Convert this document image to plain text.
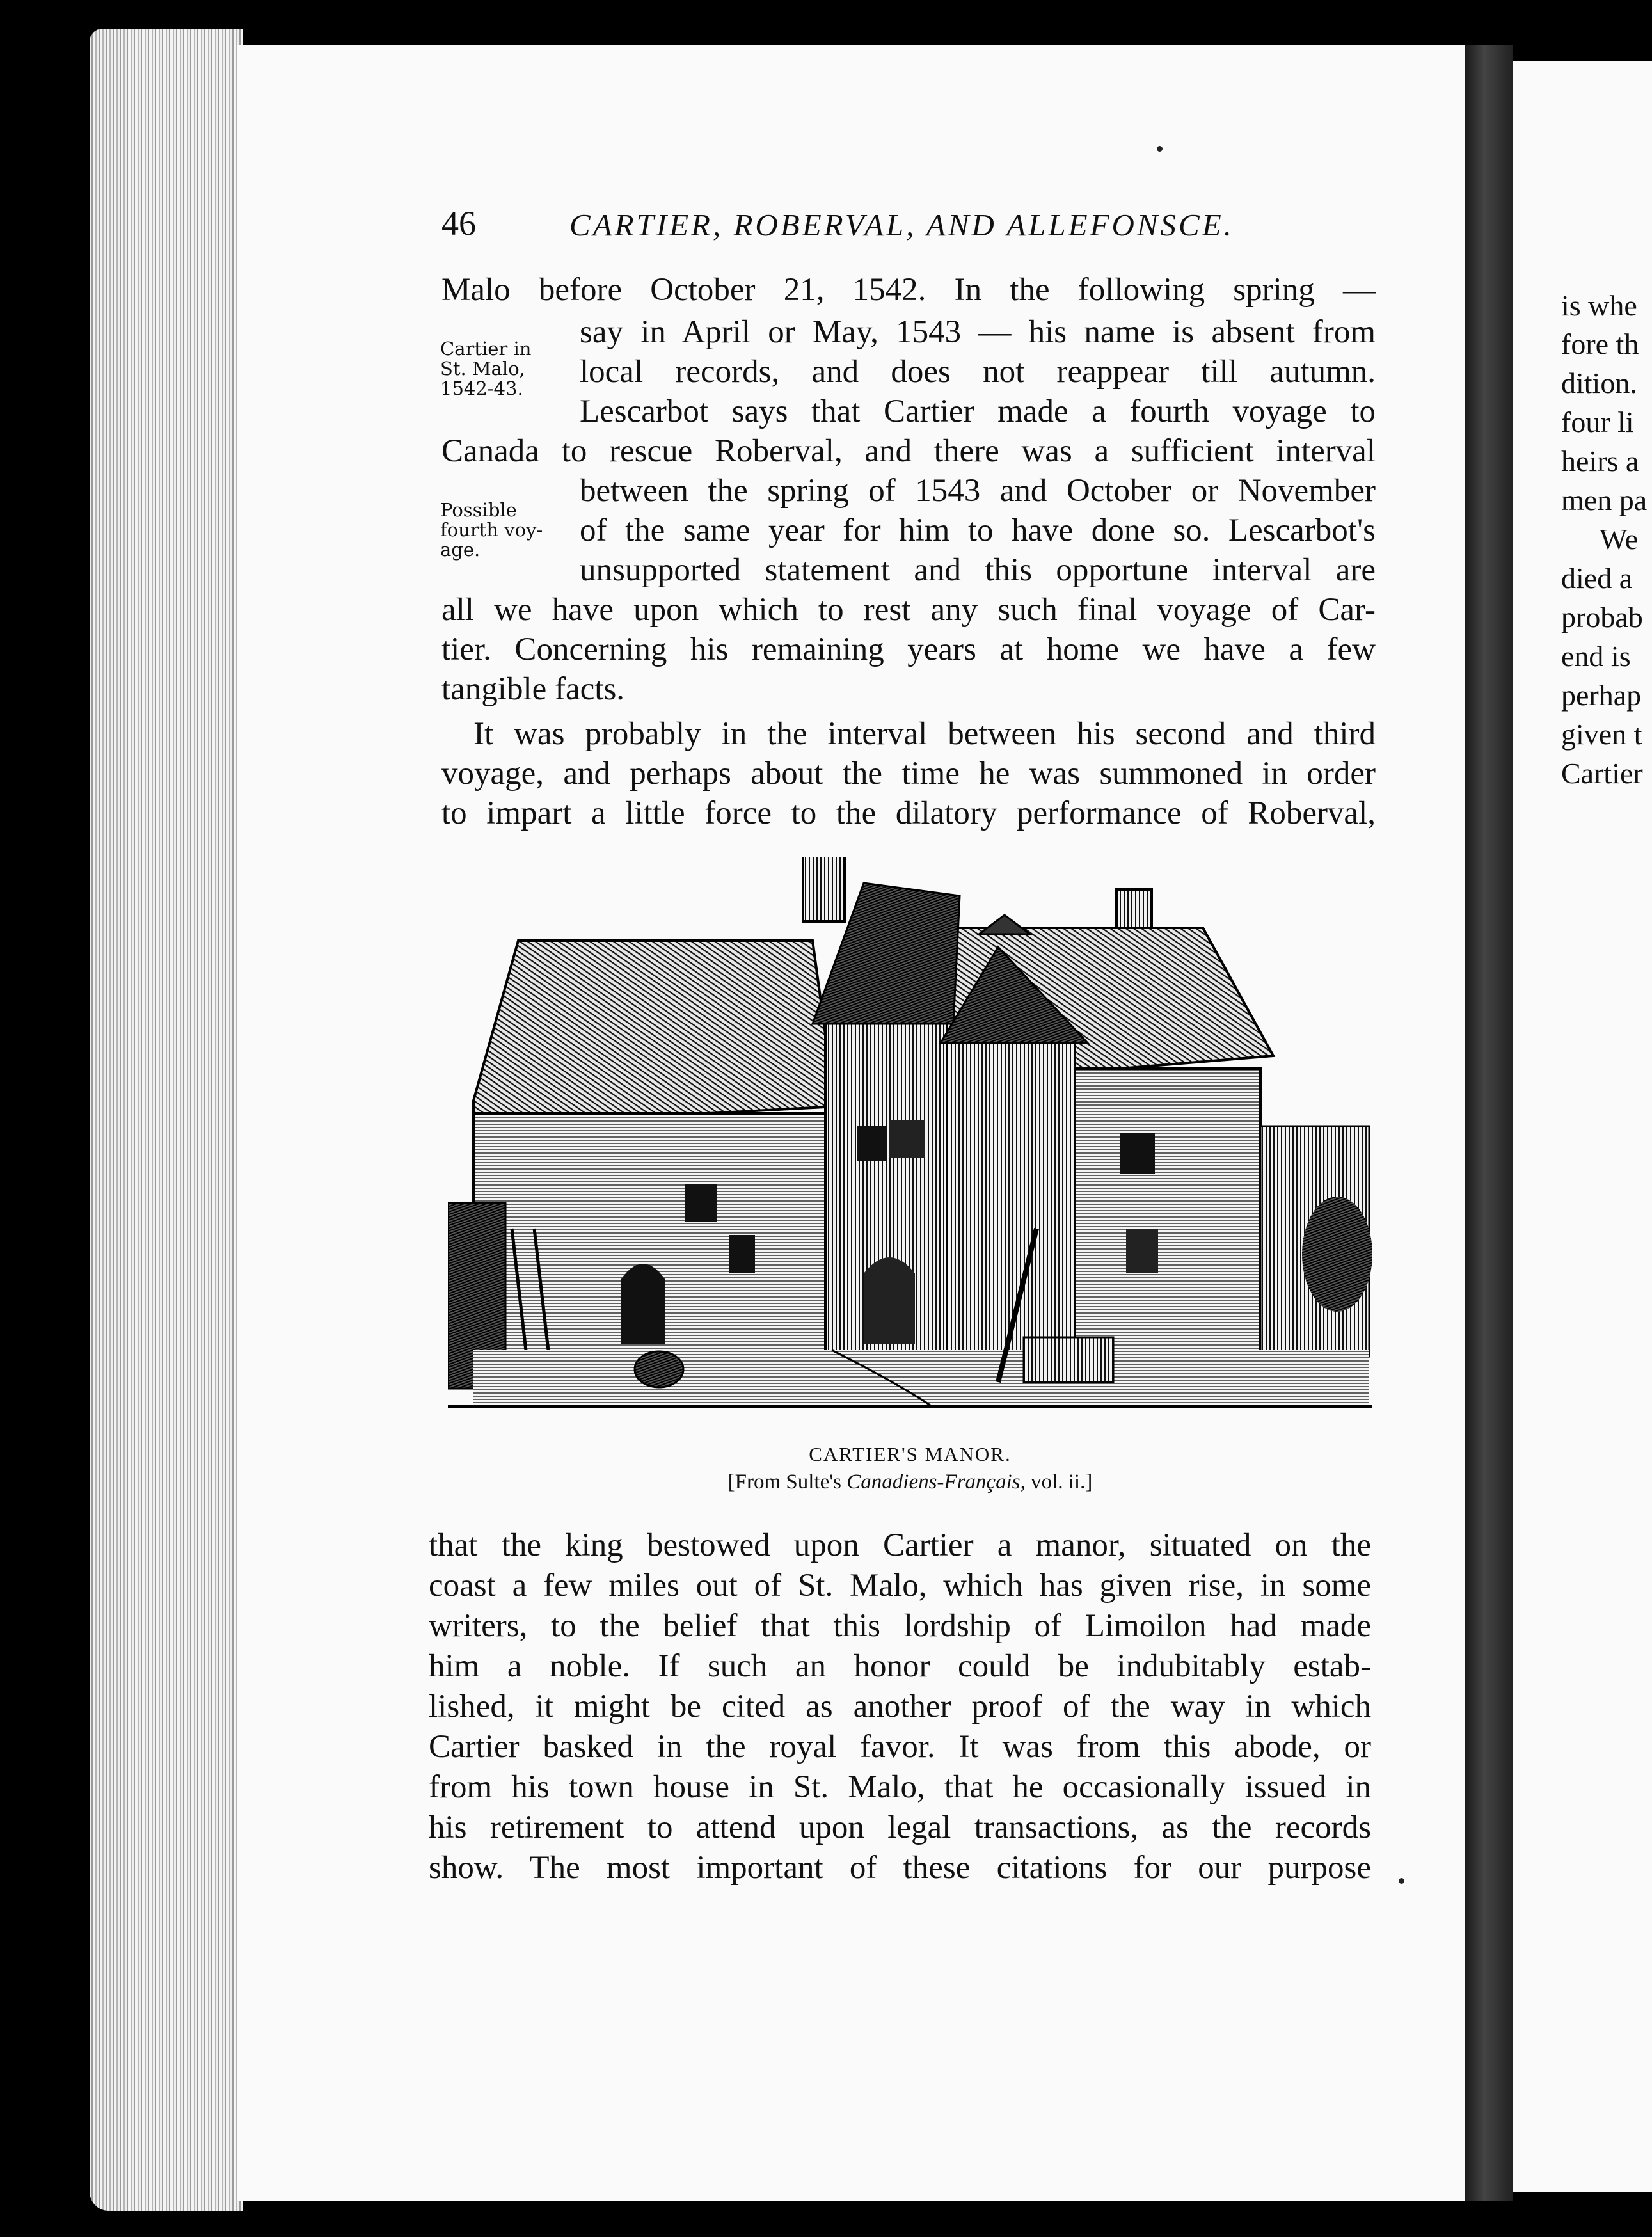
is whe
fore th
dition.
four li
heirs a
men pa
We
died a
probab
end is
perhap
given t
Cartier
46	CARTIER, ROBERVAL, AND ALLEFONSCE.
Cartier in
St. Malo,
1542-43.
Possible
fourth voy-
age.
Malo before October 21, 1542. In the following spring —
say in April or May, 1543 — his name is absent from
local records, and does not reappear till autumn.
Lescarbot says that Cartier made a fourth voyage to
Canada to rescue Roberval, and there was a sufficient interval
between the spring of 1543 and October or November
of the same year for him to have done so. Lescarbot's
unsupported statement and this opportune interval are
all we have upon which to rest any such final voyage of Car-
tier. Concerning his remaining years at home we have a few
tangible facts.
It was probably in the interval between his second and third
voyage, and perhaps about the time he was summoned in order
to impart a little force to the dilatory performance of Roberval,
CARTIER'S MANOR.
[From Sulte's Canadiens-Français, vol. ii.]
that the king bestowed upon Cartier a manor, situated on the
coast a few miles out of St. Malo, which has given rise, in some
writers, to the belief that this lordship of Limoilon had made
him a noble. If such an honor could be indubitably estab-
lished, it might be cited as another proof of the way in which
Cartier basked in the royal favor. It was from this abode, or
from his town house in St. Malo, that he occasionally issued in
his retirement to attend upon legal transactions, as the records
show. The most important of these citations for our purpose
